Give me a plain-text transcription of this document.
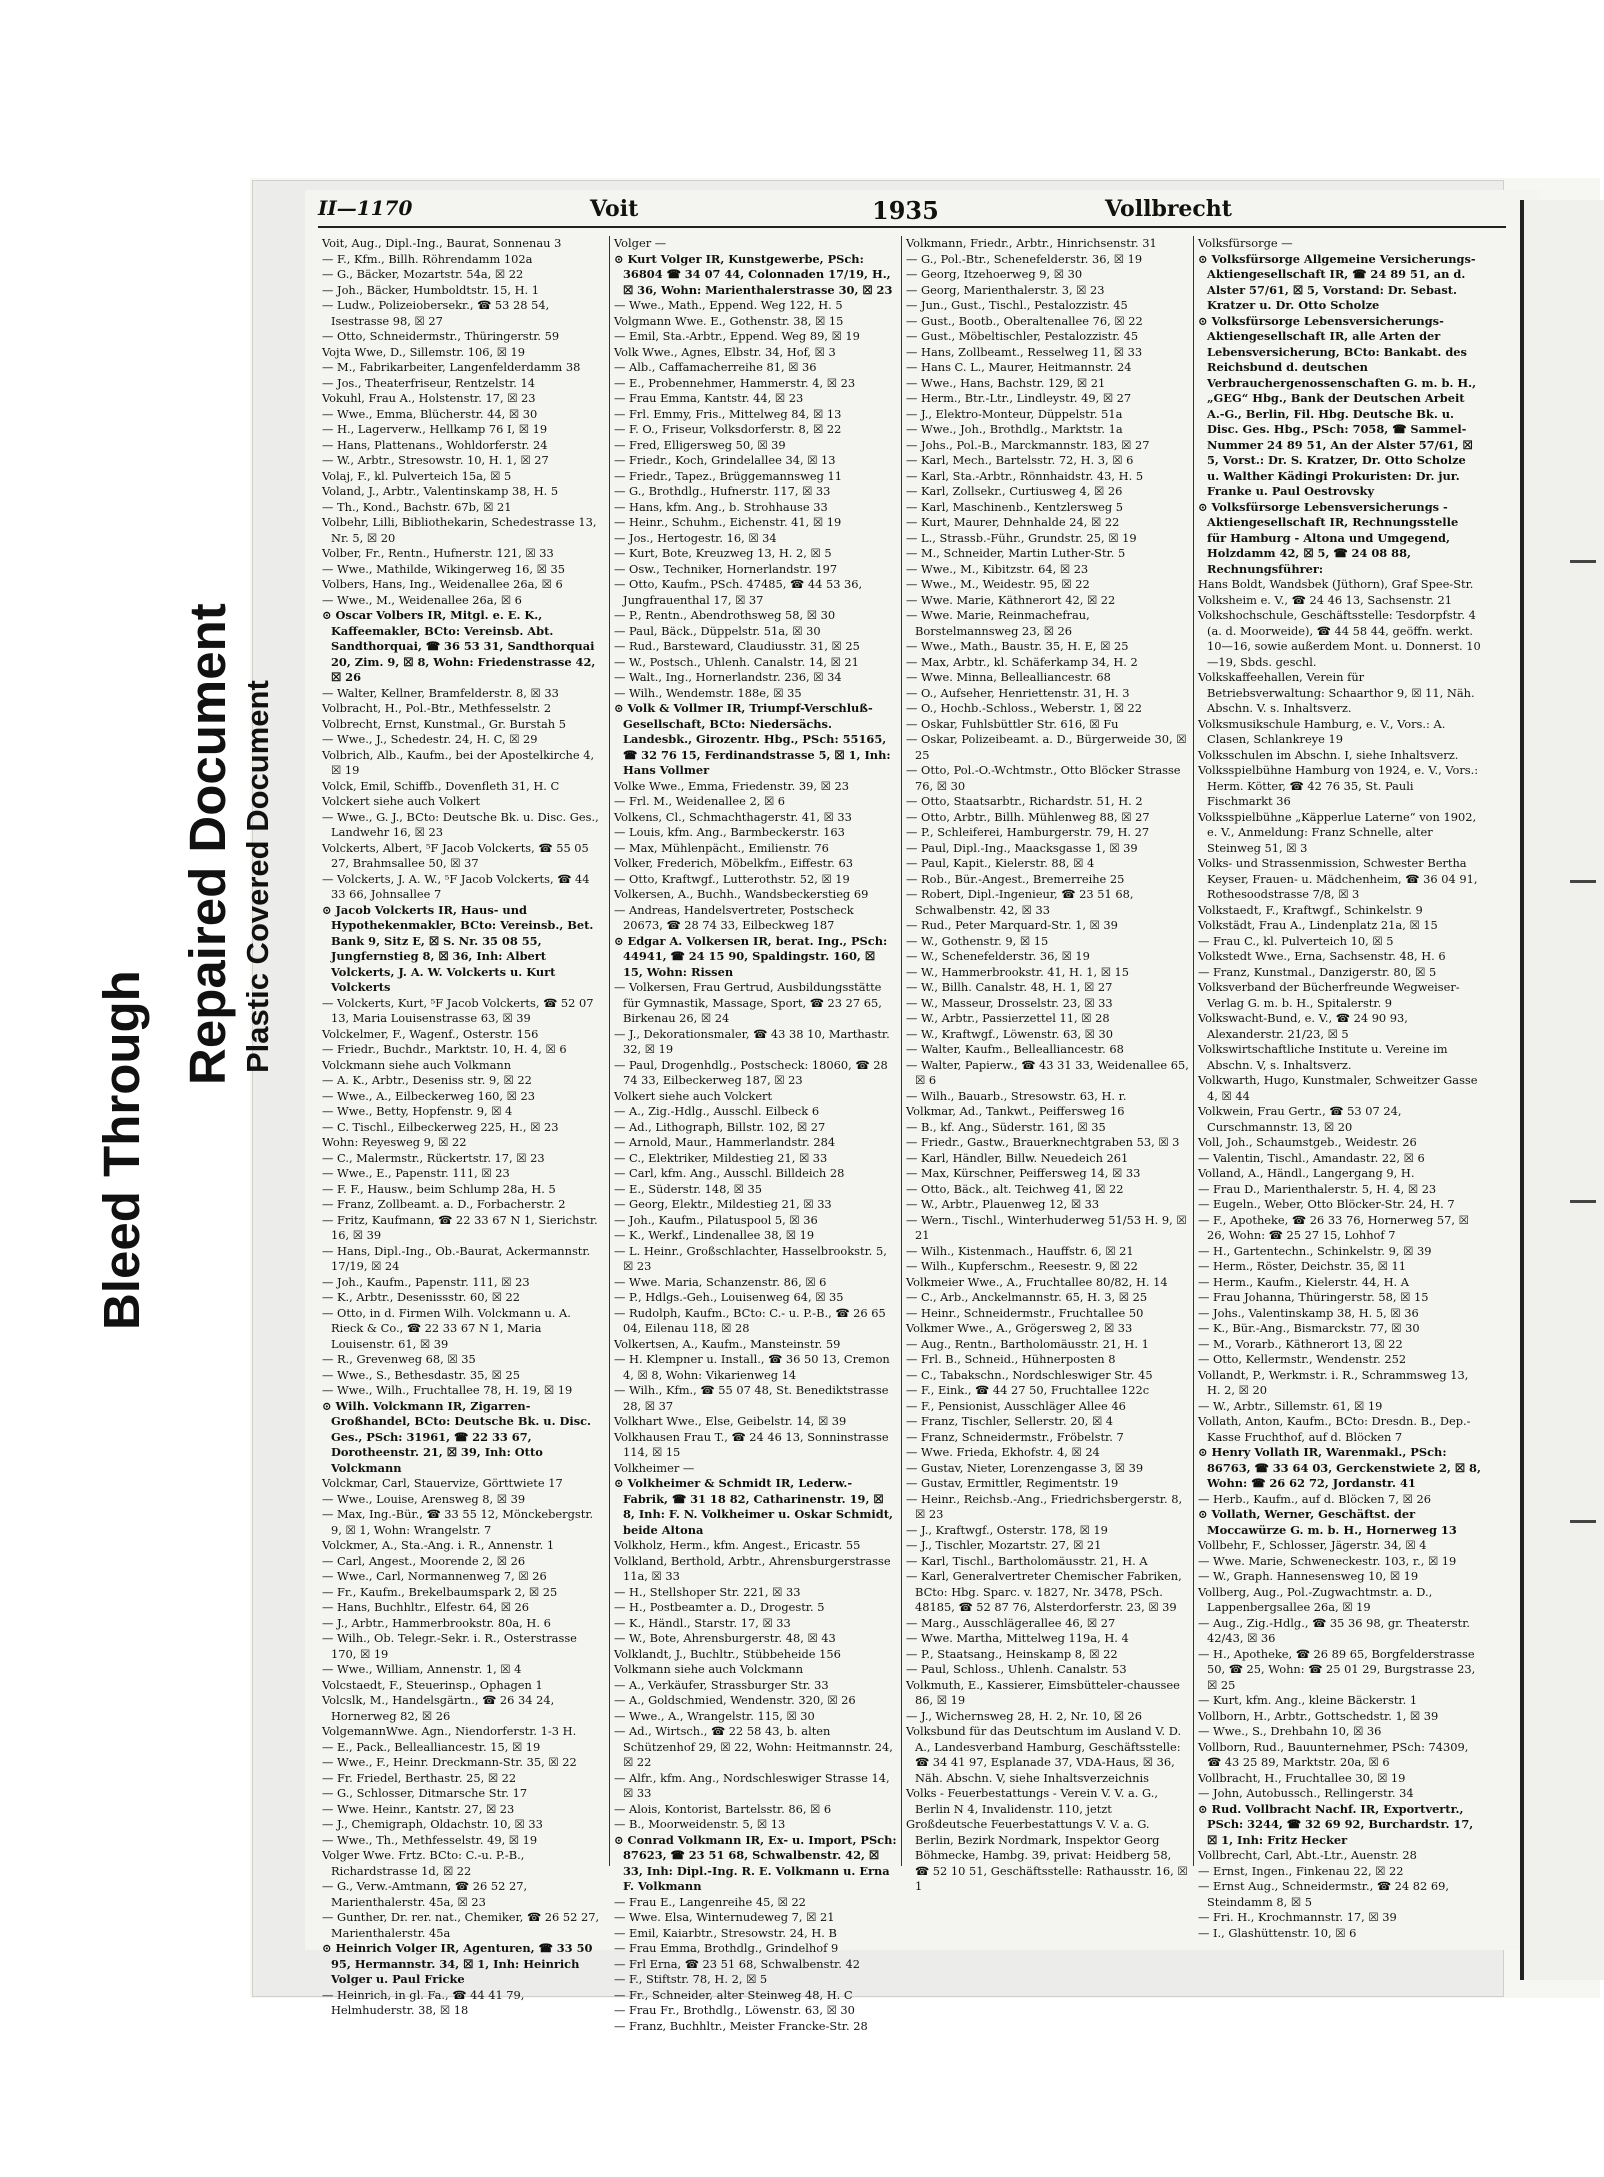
Bleed Through
Repaired Document Plastic Covered Document
II—1170	Voit	1935	Vollbrecht

Voit, Aug., Dipl.-Ing., Baurat, Sonnenau 3

— F., Kfm., Billh. Röhrendamm 102a

— G., Bäcker, Mozartstr. 54a, ☒ 22

— Joh., Bäcker, Humboldtstr. 15, H. 1

— Ludw., Polizeiobersekr., ☎ 53 28 54, Isestrasse 98, ☒ 27

— Otto, Schneidermstr., Thüringerstr. 59

Vojta Wwe, D., Sillemstr. 106, ☒ 19

— M., Fabrikarbeiter, Langenfelderdamm 38

— Jos., Theaterfriseur, Rentzelstr. 14

Vokuhl, Frau A., Holstenstr. 17, ☒ 23

— Wwe., Emma, Blücherstr. 44, ☒ 30

— H., Lagerverw., Hellkamp 76 I, ☒ 19

— Hans, Plattenans., Wohldorferstr. 24

— W., Arbtr., Stresowstr. 10, H. 1, ☒ 27

Volaj, F., kl. Pulverteich 15a, ☒ 5

Voland, J., Arbtr., Valentinskamp 38, H. 5

— Th., Kond., Bachstr. 67b, ☒ 21

Volbehr, Lilli, Bibliothekarin, Schedestrasse 13, Nr. 5, ☒ 20

Volber, Fr., Rentn., Hufnerstr. 121, ☒ 33

— Wwe., Mathilde, Wikingerweg 16, ☒ 35

Volbers, Hans, Ing., Weidenallee 26a, ☒ 6

— Wwe., M., Weidenallee 26a, ☒ 6

⊙ Oscar Volbers IR, Mitgl. e. E. K., Kaffeemakler, BCto: Vereinsb. Abt. Sandthorquai, ☎ 36 53 31, Sandthorquai 20, Zim. 9, ☒ 8, Wohn: Friedenstrasse 42, ☒ 26

— Walter, Kellner, Bramfelderstr. 8, ☒ 33

Volbracht, H., Pol.-Btr., Methfesselstr. 2

Volbrecht, Ernst, Kunstmal., Gr. Burstah 5

— Wwe., J., Schedestr. 24, H. C, ☒ 29

Volbrich, Alb., Kaufm., bei der Apostelkirche 4, ☒ 19

Volck, Emil, Schiffb., Dovenfleth 31, H. C

Volckert siehe auch Volkert

— Wwe., G. J., BCto: Deutsche Bk. u. Disc. Ges., Landwehr 16, ☒ 23

Volckerts, Albert, ⁵F Jacob Volckerts, ☎ 55 05 27, Brahmsallee 50, ☒ 37

— Volckerts, J. A. W., ⁵F Jacob Volckerts, ☎ 44 33 66, Johnsallee 7

⊙ Jacob Volckerts IR, Haus- und Hypothekenmakler, BCto: Vereinsb., Bet. Bank 9, Sitz E, ☒ S. Nr. 35 08 55, Jungfernstieg 8, ☒ 36, Inh: Albert Volckerts, J. A. W. Volckerts u. Kurt Volckerts

— Volckerts, Kurt, ⁵F Jacob Volckerts, ☎ 52 07 13, Maria Louisenstrasse 63, ☒ 39

Volckelmer, F., Wagenf., Osterstr. 156

— Friedr., Buchdr., Marktstr. 10, H. 4, ☒ 6

Volckmann siehe auch Volkmann

— A. K., Arbtr., Deseniss str. 9, ☒ 22

— Wwe., A., Eilbeckerweg 160, ☒ 23

— Wwe., Betty, Hopfenstr. 9, ☒ 4

— C. Tischl., Eilbeckerweg 225, H., ☒ 23

Wohn: Reyesweg 9, ☒ 22

— C., Malermstr., Rückertstr. 17, ☒ 23

— Wwe., E., Papenstr. 111, ☒ 23

— F. F., Hausw., beim Schlump 28a, H. 5

— Franz, Zollbeamt. a. D., Forbacherstr. 2

— Fritz, Kaufmann, ☎ 22 33 67 N 1, Sierichstr. 16, ☒ 39

— Hans, Dipl.-Ing., Ob.-Baurat, Ackermannstr. 17/19, ☒ 24

— Joh., Kaufm., Papenstr. 111, ☒ 23

— K., Arbtr., Desenissstr. 60, ☒ 22

— Otto, in d. Firmen Wilh. Volckmann u. A. Rieck & Co., ☎ 22 33 67 N 1, Maria Louisenstr. 61, ☒ 39

— R., Grevenweg 68, ☒ 35

— Wwe., S., Bethesdastr. 35, ☒ 25

— Wwe., Wilh., Fruchtallee 78, H. 19, ☒ 19

⊙ Wilh. Volckmann IR, Zigarren-Großhandel, BCto: Deutsche Bk. u. Disc. Ges., PSch: 31961, ☎ 22 33 67, Dorotheenstr. 21, ☒ 39, Inh: Otto Volckmann

Volckmar, Carl, Stauervize, Görttwiete 17

— Wwe., Louise, Arensweg 8, ☒ 39

— Max, Ing.-Bür., ☎ 33 55 12, Mönckebergstr. 9, ☒ 1, Wohn: Wrangelstr. 7

Volckmer, A., Sta.-Ang. i. R., Annenstr. 1

— Carl, Angest., Moorende 2, ☒ 26

— Wwe., Carl, Normannenweg 7, ☒ 26

— Fr., Kaufm., Brekelbaumspark 2, ☒ 25

— Hans, Buchhltr., Elfestr. 64, ☒ 26

— J., Arbtr., Hammerbrookstr. 80a, H. 6

— Wilh., Ob. Telegr.-Sekr. i. R., Osterstrasse 170, ☒ 19

— Wwe., William, Annenstr. 1, ☒ 4

Volcstaedt, F., Steuerinsp., Ophagen 1

Volcslk, M., Handelsgärtn., ☎ 26 34 24, Hornerweg 82, ☒ 26

VolgemannWwe. Agn., Niendorferstr. 1-3 H.

— E., Pack., Bellealliancestr. 15, ☒ 19

— Wwe., F., Heinr. Dreckmann-Str. 35, ☒ 22

— Fr. Friedel, Berthastr. 25, ☒ 22

— G., Schlosser, Ditmarsche Str. 17

— Wwe. Heinr., Kantstr. 27, ☒ 23

— J., Chemigraph, Oldachstr. 10, ☒ 33

— Wwe., Th., Methfesselstr. 49, ☒ 19

Volger Wwe. Frtz. BCto: C.-u. P.-B., Richardstrasse 1d, ☒ 22

— G., Verw.-Amtmann, ☎ 26 52 27, Marienthalerstr. 45a, ☒ 23

— Gunther, Dr. rer. nat., Chemiker, ☎ 26 52 27, Marienthalerstr. 45a

⊙ Heinrich Volger IR, Agenturen, ☎ 33 50 95, Hermannstr. 34, ☒ 1, Inh: Heinrich Volger u. Paul Fricke

— Heinrich, in gl. Fa., ☎ 44 41 79, Helmhuderstr. 38, ☒ 18

Volger —

⊙ Kurt Volger IR, Kunstgewerbe, PSch: 36804 ☎ 34 07 44, Colonnaden 17/19, H., ☒ 36, Wohn: Marienthalerstrasse 30, ☒ 23

— Wwe., Math., Eppend. Weg 122, H. 5

Volgmann Wwe. E., Gothenstr. 38, ☒ 15

— Emil, Sta.-Arbtr., Eppend. Weg 89, ☒ 19

Volk Wwe., Agnes, Elbstr. 34, Hof, ☒ 3

— Alb., Caffamacherreihe 81, ☒ 36

— E., Probennehmer, Hammerstr. 4, ☒ 23

— Frau Emma, Kantstr. 44, ☒ 23

— Frl. Emmy, Fris., Mittelweg 84, ☒ 13

— F. O., Friseur, Volksdorferstr. 8, ☒ 22

— Fred, Elligersweg 50, ☒ 39

— Friedr., Koch, Grindelallee 34, ☒ 13

— Friedr., Tapez., Brüggemannsweg 11

— G., Brothdlg., Hufnerstr. 117, ☒ 33

— Hans, kfm. Ang., b. Strohhause 33

— Heinr., Schuhm., Eichenstr. 41, ☒ 19

— Jos., Hertogestr. 16, ☒ 34

— Kurt, Bote, Kreuzweg 13, H. 2, ☒ 5

— Osw., Techniker, Hornerlandstr. 197

— Otto, Kaufm., PSch. 47485, ☎ 44 53 36, Jungfrauenthal 17, ☒ 37

— P., Rentn., Abendrothsweg 58, ☒ 30

— Paul, Bäck., Düppelstr. 51a, ☒ 30

— Rud., Barsteward, Claudiusstr. 31, ☒ 25

— W., Postsch., Uhlenh. Canalstr. 14, ☒ 21

— Walt., Ing., Hornerlandstr. 236, ☒ 34

— Wilh., Wendemstr. 188e, ☒ 35

⊙ Volk & Vollmer IR, Triumpf-Verschluß-Gesellschaft, BCto: Niedersächs. Landesbk., Girozentr. Hbg., PSch: 55165, ☎ 32 76 15, Ferdinandstrasse 5, ☒ 1, Inh: Hans Vollmer

Volke Wwe., Emma, Friedenstr. 39, ☒ 23

— Frl. M., Weidenallee 2, ☒ 6

Volkens, Cl., Schmachthagerstr. 41, ☒ 33

— Louis, kfm. Ang., Barmbeckerstr. 163

— Max, Mühlenpächt., Emilienstr. 76

Volker, Frederich, Möbelkfm., Eiffestr. 63

— Otto, Kraftwgf., Lutterothstr. 52, ☒ 19

Volkersen, A., Buchh., Wandsbeckerstieg 69

— Andreas, Handelsvertreter, Postscheck 20673, ☎ 28 74 33, Eilbeckweg 187

⊙ Edgar A. Volkersen IR, berat. Ing., PSch: 44941, ☎ 24 15 90, Spaldingstr. 160, ☒ 15, Wohn: Rissen

— Volkersen, Frau Gertrud, Ausbildungsstätte für Gymnastik, Massage, Sport, ☎ 23 27 65, Birkenau 26, ☒ 24

— J., Dekorationsmaler, ☎ 43 38 10, Marthastr. 32, ☒ 19

— Paul, Drogenhdlg., Postscheck: 18060, ☎ 28 74 33, Eilbeckerweg 187, ☒ 23

Volkert siehe auch Volckert

— A., Zig.-Hdlg., Ausschl. Eilbeck 6

— Ad., Lithograph, Billstr. 102, ☒ 27

— Arnold, Maur., Hammerlandstr. 284

— C., Elektriker, Mildestieg 21, ☒ 33

— Carl, kfm. Ang., Ausschl. Billdeich 28

— E., Süderstr. 148, ☒ 35

— Georg, Elektr., Mildestieg 21, ☒ 33

— Joh., Kaufm., Pilatuspool 5, ☒ 36

— K., Werkf., Lindenallee 38, ☒ 19

— L. Heinr., Großschlachter, Hasselbrookstr. 5, ☒ 23

— Wwe. Maria, Schanzenstr. 86, ☒ 6

— P., Hdlgs.-Geh., Louisenweg 64, ☒ 35

— Rudolph, Kaufm., BCto: C.- u. P.-B., ☎ 26 65 04, Eilenau 118, ☒ 28

Volkertsen, A., Kaufm., Mansteinstr. 59

— H. Klempner u. Install., ☎ 36 50 13, Cremon 4, ☒ 8, Wohn: Vikarienweg 14

— Wilh., Kfm., ☎ 55 07 48, St. Benediktstrasse 28, ☒ 37

Volkhart Wwe., Else, Geibelstr. 14, ☒ 39

Volkhausen Frau T., ☎ 24 46 13, Sonninstrasse 114, ☒ 15

Volkheimer —

⊙ Volkheimer & Schmidt IR, Lederw.-Fabrik, ☎ 31 18 82, Catharinenstr. 19, ☒ 8, Inh: F. N. Volkheimer u. Oskar Schmidt, beide Altona

Volkholz, Herm., kfm. Angest., Ericastr. 55

Volkland, Berthold, Arbtr., Ahrensburgerstrasse 11a, ☒ 33

— H., Stellshoper Str. 221, ☒ 33

— H., Postbeamter a. D., Drogestr. 5

— K., Händl., Starstr. 17, ☒ 33

— W., Bote, Ahrensburgerstr. 48, ☒ 43

Volklandt, J., Buchltr., Stübbeheide 156

Volkmann siehe auch Volckmann

— A., Verkäufer, Strassburger Str. 33

— A., Goldschmied, Wendenstr. 320, ☒ 26

— Wwe., A., Wrangelstr. 115, ☒ 30

— Ad., Wirtsch., ☎ 22 58 43, b. alten Schützenhof 29, ☒ 22, Wohn: Heitmannstr. 24, ☒ 22

— Alfr., kfm. Ang., Nordschleswiger Strasse 14, ☒ 33

— Alois, Kontorist, Bartelsstr. 86, ☒ 6

— B., Moorweidenstr. 5, ☒ 13

⊙ Conrad Volkmann IR, Ex- u. Import, PSch: 87623, ☎ 23 51 68, Schwalbenstr. 42, ☒ 33, Inh: Dipl.-Ing. R. E. Volkmann u. Erna F. Volkmann

— Frau E., Langenreihe 45, ☒ 22

— Wwe. Elsa, Winternudeweg 7, ☒ 21

— Emil, Kaiarbtr., Stresowstr. 24, H. B

— Frau Emma, Brothdlg., Grindelhof 9

— Frl Erna, ☎ 23 51 68, Schwalbenstr. 42

— F., Stiftstr. 78, H. 2, ☒ 5

— Fr., Schneider, alter Steinweg 48, H. C

— Frau Fr., Brothdlg., Löwenstr. 63, ☒ 30

— Franz, Buchhltr., Meister Francke-Str. 28

Volkmann, Friedr., Arbtr., Hinrichsenstr. 31

— G., Pol.-Btr., Schenefelderstr. 36, ☒ 19

— Georg, Itzehoerweg 9, ☒ 30

— Georg, Marienthalerstr. 3, ☒ 23

— Jun., Gust., Tischl., Pestalozzistr. 45

— Gust., Bootb., Oberaltenallee 76, ☒ 22

— Gust., Möbeltischler, Pestalozzistr. 45

— Hans, Zollbeamt., Resselweg 11, ☒ 33

— Hans C. L., Maurer, Heitmannstr. 24

— Wwe., Hans, Bachstr. 129, ☒ 21

— Herm., Btr.-Ltr., Lindleystr. 49, ☒ 27

— J., Elektro-Monteur, Düppelstr. 51a

— Wwe., Joh., Brothdlg., Marktstr. 1a

— Johs., Pol.-B., Marckmannstr. 183, ☒ 27

— Karl, Mech., Bartelsstr. 72, H. 3, ☒ 6

— Karl, Sta.-Arbtr., Rönnhaidstr. 43, H. 5

— Karl, Zollsekr., Curtiusweg 4, ☒ 26

— Karl, Maschinenb., Kentzlersweg 5

— Kurt, Maurer, Dehnhalde 24, ☒ 22

— L., Strassb.-Führ., Grundstr. 25, ☒ 19

— M., Schneider, Martin Luther-Str. 5

— Wwe., M., Kibitzstr. 64, ☒ 23

— Wwe., M., Weidestr. 95, ☒ 22

— Wwe. Marie, Käthnerort 42, ☒ 22

— Wwe. Marie, Reinmachefrau, Borstelmannsweg 23, ☒ 26

— Wwe., Math., Baustr. 35, H. E, ☒ 25

— Max, Arbtr., kl. Schäferkamp 34, H. 2

— Wwe. Minna, Bellealliancestr. 68

— O., Aufseher, Henriettenstr. 31, H. 3

— O., Hochb.-Schloss., Weberstr. 1, ☒ 22

— Oskar, Fuhlsbüttler Str. 616, ☒ Fu

— Oskar, Polizeibeamt. a. D., Bürgerweide 30, ☒ 25

— Otto, Pol.-O.-Wchtmstr., Otto Blöcker Strasse 76, ☒ 30

— Otto, Staatsarbtr., Richardstr. 51, H. 2

— Otto, Arbtr., Billh. Mühlenweg 88, ☒ 27

— P., Schleiferei, Hamburgerstr. 79, H. 27

— Paul, Dipl.-Ing., Maacksgasse 1, ☒ 39

— Paul, Kapit., Kielerstr. 88, ☒ 4

— Rob., Bür.-Angest., Bremerreihe 25

— Robert, Dipl.-Ingenieur, ☎ 23 51 68, Schwalbenstr. 42, ☒ 33

— Rud., Peter Marquard-Str. 1, ☒ 39

— W., Gothenstr. 9, ☒ 15

— W., Schenefelderstr. 36, ☒ 19

— W., Hammerbrookstr. 41, H. 1, ☒ 15

— W., Billh. Canalstr. 48, H. 1, ☒ 27

— W., Masseur, Drosselstr. 23, ☒ 33

— W., Arbtr., Passierzettel 11, ☒ 28

— W., Kraftwgf., Löwenstr. 63, ☒ 30

— Walter, Kaufm., Bellealliancestr. 68

— Walter, Papierw., ☎ 43 31 33, Weidenallee 65, ☒ 6

— Wilh., Bauarb., Stresowstr. 63, H. r.

Volkmar, Ad., Tankwt., Peiffersweg 16

— B., kf. Ang., Süderstr. 161, ☒ 35

— Friedr., Gastw., Brauerknechtgraben 53, ☒ 3

— Karl, Händler, Billw. Neuedeich 261

— Max, Kürschner, Peiffersweg 14, ☒ 33

— Otto, Bäck., alt. Teichweg 41, ☒ 22

— W., Arbtr., Plauenweg 12, ☒ 33

— Wern., Tischl., Winterhuderweg 51/53 H. 9, ☒ 21

— Wilh., Kistenmach., Hauffstr. 6, ☒ 21

— Wilh., Kupferschm., Reesestr. 9, ☒ 22

Volkmeier Wwe., A., Fruchtallee 80/82, H. 14

— C., Arb., Anckelmannstr. 65, H. 3, ☒ 25

— Heinr., Schneidermstr., Fruchtallee 50

Volkmer Wwe., A., Grögersweg 2, ☒ 33

— Aug., Rentn., Bartholomäusstr. 21, H. 1

— Frl. B., Schneid., Hühnerposten 8

— C., Tabakschn., Nordschleswiger Str. 45

— F., Eink., ☎ 44 27 50, Fruchtallee 122c

— F., Pensionist, Ausschläger Allee 46

— Franz, Tischler, Sellerstr. 20, ☒ 4

— Franz, Schneidermstr., Fröbelstr. 7

— Wwe. Frieda, Ekhofstr. 4, ☒ 24

— Gustav, Nieter, Lorenzengasse 3, ☒ 39

— Gustav, Ermittler, Regimentstr. 19

— Heinr., Reichsb.-Ang., Friedrichsbergerstr. 8, ☒ 23

— J., Kraftwgf., Osterstr. 178, ☒ 19

— J., Tischler, Mozartstr. 27, ☒ 21

— Karl, Tischl., Bartholomäusstr. 21, H. A

— Karl, Generalvertreter Chemischer Fabriken, BCto: Hbg. Sparc. v. 1827, Nr. 3478, PSch. 48185, ☎ 52 87 76, Alsterdorferstr. 23, ☒ 39

— Marg., Ausschlägerallee 46, ☒ 27

— Wwe. Martha, Mittelweg 119a, H. 4

— P., Staatsang., Heinskamp 8, ☒ 22

— Paul, Schloss., Uhlenh. Canalstr. 53

Volkmuth, E., Kassierer, Eimsbütteler-chaussee 86, ☒ 19

— J., Wichernsweg 28, H. 2, Nr. 10, ☒ 26

Volksbund für das Deutschtum im Ausland V. D. A., Landesverband Hamburg, Geschäftsstelle: ☎ 34 41 97, Esplanade 37, VDA-Haus, ☒ 36, Näh. Abschn. V, siehe Inhaltsverzeichnis

Volks - Feuerbestattungs - Verein V. V. a. G., Berlin N 4, Invalidenstr. 110, jetzt

Großdeutsche Feuerbestattungs V. V. a. G. Berlin, Bezirk Nordmark, Inspektor Georg Böhmecke, Hambg. 39, privat: Heidberg 58, ☎ 52 10 51, Geschäftsstelle: Rathausstr. 16, ☒ 1

Volksfürsorge —

⊙ Volksfürsorge Allgemeine Versicherungs-Aktiengesellschaft IR, ☎ 24 89 51, an d. Alster 57/61, ☒ 5, Vorstand: Dr. Sebast. Kratzer u. Dr. Otto Scholze

⊙ Volksfürsorge Lebensversicherungs-Aktiengesellschaft IR, alle Arten der Lebensversicherung, BCto: Bankabt. des Reichsbund d. deutschen Verbrauchergenossenschaften G. m. b. H., „GEG“ Hbg., Bank der Deutschen Arbeit A.-G., Berlin, Fil. Hbg. Deutsche Bk. u. Disc. Ges. Hbg., PSch: 7058, ☎ Sammel-Nummer 24 89 51, An der Alster 57/61, ☒ 5, Vorst.: Dr. S. Kratzer, Dr. Otto Scholze u. Walther Kädingi Prokuristen: Dr. jur. Franke u. Paul Oestrovsky

⊙ Volksfürsorge Lebensversicherungs - Aktiengesellschaft IR, Rechnungsstelle für Hamburg - Altona und Umgegend, Holzdamm 42, ☒ 5, ☎ 24 08 88, Rechnungsführer:

Hans Boldt, Wandsbek (Jüthorn), Graf Spee-Str.

Volksheim e. V., ☎ 24 46 13, Sachsenstr. 21

Volkshochschule, Geschäftsstelle: Tesdorpfstr. 4 (a. d. Moorweide), ☎ 44 58 44, geöffn. werkt. 10—16, sowie außerdem Mont. u. Donnerst. 10—19, Sbds. geschl.

Volkskaffeehallen, Verein für Betriebsverwaltung: Schaarthor 9, ☒ 11, Näh. Abschn. V. s. Inhaltsverz.

Volksmusikschule Hamburg, e. V., Vors.: A. Clasen, Schlankreye 19

Volksschulen im Abschn. I, siehe Inhaltsverz.

Volksspielbühne Hamburg von 1924, e. V., Vors.: Herm. Kötter, ☎ 42 76 35, St. Pauli Fischmarkt 36

Volksspielbühne „Käpperlue Laterne“ von 1902, e. V., Anmeldung: Franz Schnelle, alter Steinweg 51, ☒ 3

Volks- und Strassenmission, Schwester Bertha Keyser, Frauen- u. Mädchenheim, ☎ 36 04 91, Rothesoodstrasse 7/8, ☒ 3

Volkstaedt, F., Kraftwgf., Schinkelstr. 9

Volkstädt, Frau A., Lindenplatz 21a, ☒ 15

— Frau C., kl. Pulverteich 10, ☒ 5

Volkstedt Wwe., Erna, Sachsenstr. 48, H. 6

— Franz, Kunstmal., Danzigerstr. 80, ☒ 5

Volksverband der Bücherfreunde Wegweiser-Verlag G. m. b. H., Spitalerstr. 9

Volkswacht-Bund, e. V., ☎ 24 90 93, Alexanderstr. 21/23, ☒ 5

Volkswirtschaftliche Institute u. Vereine im Abschn. V, s. Inhaltsverz.

Volkwarth, Hugo, Kunstmaler, Schweitzer Gasse 4, ☒ 44

Volkwein, Frau Gertr., ☎ 53 07 24, Curschmannstr. 13, ☒ 20

Voll, Joh., Schaumstgeb., Weidestr. 26

— Valentin, Tischl., Amandastr. 22, ☒ 6

Volland, A., Händl., Langergang 9, H.

— Frau D., Marienthalerstr. 5, H. 4, ☒ 23

— Eugeln., Weber, Otto Blöcker-Str. 24, H. 7

— F., Apotheke, ☎ 26 33 76, Hornerweg 57, ☒ 26, Wohn: ☎ 25 27 15, Lohhof 7

— H., Gartentechn., Schinkelstr. 9, ☒ 39

— Herm., Röster, Deichstr. 35, ☒ 11

— Herm., Kaufm., Kielerstr. 44, H. A

— Frau Johanna, Thüringerstr. 58, ☒ 15

— Johs., Valentinskamp 38, H. 5, ☒ 36

— K., Bür.-Ang., Bismarckstr. 77, ☒ 30

— M., Vorarb., Käthnerort 13, ☒ 22

— Otto, Kellermstr., Wendenstr. 252

Vollandt, P., Werkmstr. i. R., Schrammsweg 13, H. 2, ☒ 20

— W., Arbtr., Sillemstr. 61, ☒ 19

Vollath, Anton, Kaufm., BCto: Dresdn. B., Dep.-Kasse Fruchthof, auf d. Blöcken 7

⊙ Henry Vollath IR, Warenmakl., PSch: 86763, ☎ 33 64 03, Gerckenstwiete 2, ☒ 8, Wohn: ☎ 26 62 72, Jordanstr. 41

— Herb., Kaufm., auf d. Blöcken 7, ☒ 26

⊙ Vollath, Werner, Geschäftst. der Moccawürze G. m. b. H., Hornerweg 13

Vollbehr, F., Schlosser, Jägerstr. 34, ☒ 4

— Wwe. Marie, Schweneckestr. 103, r., ☒ 19

— W., Graph. Hannesensweg 10, ☒ 19

Vollberg, Aug., Pol.-Zugwachtmstr. a. D., Lappenbergsallee 26a, ☒ 19

— Aug., Zig.-Hdlg., ☎ 35 36 98, gr. Theaterstr. 42/43, ☒ 36

— H., Apotheke, ☎ 26 89 65, Borgfelderstrasse 50, ☎ 25, Wohn: ☎ 25 01 29, Burgstrasse 23, ☒ 25

— Kurt, kfm. Ang., kleine Bäckerstr. 1

Vollborn, H., Arbtr., Gottschedstr. 1, ☒ 39

— Wwe., S., Drehbahn 10, ☒ 36

Vollborn, Rud., Bauunternehmer, PSch: 74309, ☎ 43 25 89, Marktstr. 20a, ☒ 6

Vollbracht, H., Fruchtallee 30, ☒ 19

— John, Autobussch., Rellingerstr. 34

⊙ Rud. Vollbracht Nachf. IR, Exportvertr., PSch: 3244, ☎ 32 69 92, Burchardstr. 17, ☒ 1, Inh: Fritz Hecker

Vollbrecht, Carl, Abt.-Ltr., Auenstr. 28

— Ernst, Ingen., Finkenau 22, ☒ 22

— Ernst Aug., Schneidermstr., ☎ 24 82 69, Steindamm 8, ☒ 5

— Fri. H., Krochmannstr. 17, ☒ 39

— I., Glashüttenstr. 10, ☒ 6
